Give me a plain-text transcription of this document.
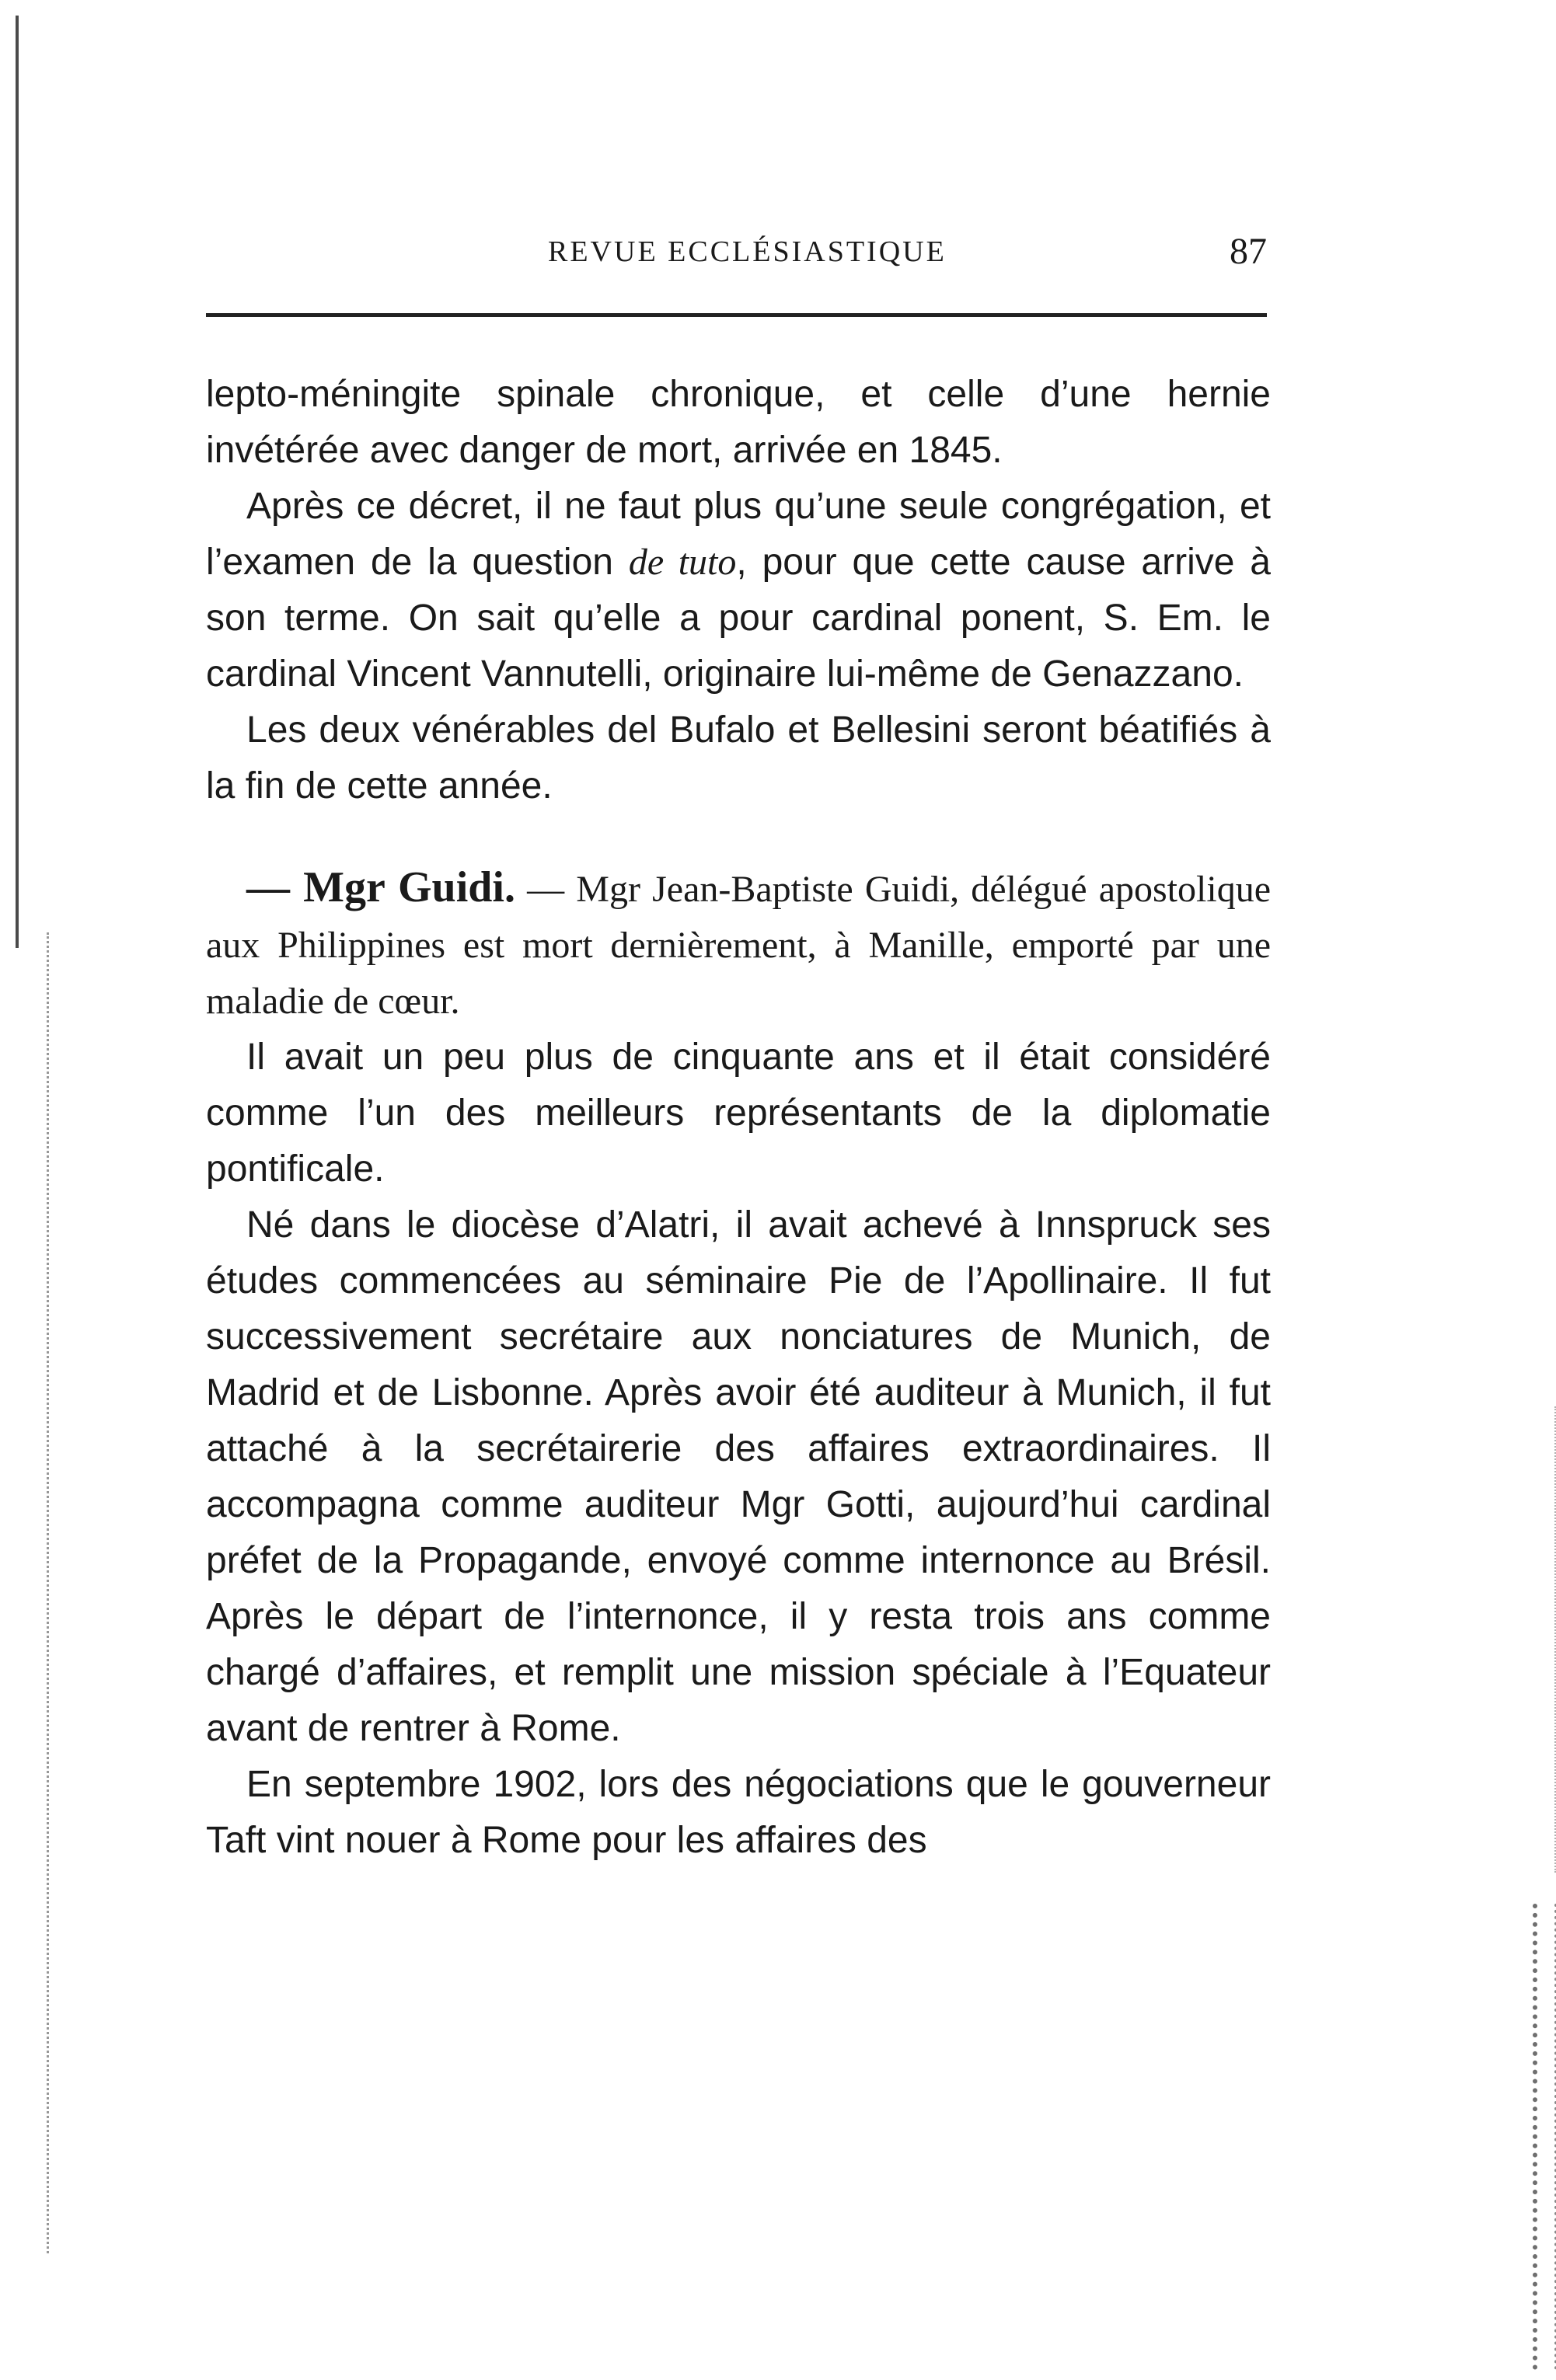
REVUE ECCLÉSIASTIQUE	87

lepto-méningite spinale chronique, et celle d’une hernie invétérée avec danger de mort, arrivée en 1845.

Après ce décret, il ne faut plus qu’une seule congrégation, et l’examen de la question de tuto, pour que cette cause arrive à son terme. On sait qu’elle a pour cardinal ponent, S. Em. le cardinal Vincent Vannutelli, originaire lui-même de Genazzano.

Les deux vénérables del Bufalo et Bellesini seront béatifiés à la fin de cette année.

— Mgr Guidi. — Mgr Jean-Baptiste Guidi, délégué apostolique aux Philippines est mort dernièrement, à Manille, emporté par une maladie de cœur.

Il avait un peu plus de cinquante ans et il était considéré comme l’un des meilleurs représentants de la diplomatie pontificale.

Né dans le diocèse d’Alatri, il avait achevé à Innspruck ses études commencées au séminaire Pie de l’Apollinaire. Il fut successivement secrétaire aux nonciatures de Munich, de Madrid et de Lisbonne. Après avoir été auditeur à Munich, il fut attaché à la secrétairerie des affaires extraordinaires. Il accompagna comme auditeur Mgr Gotti, aujourd’hui cardinal préfet de la Propagande, envoyé comme internonce au Brésil. Après le départ de l’internonce, il y resta trois ans comme chargé d’affaires, et remplit une mission spéciale à l’Equateur avant de rentrer à Rome.

En septembre 1902, lors des négociations que le gouverneur Taft vint nouer à Rome pour les affaires des
